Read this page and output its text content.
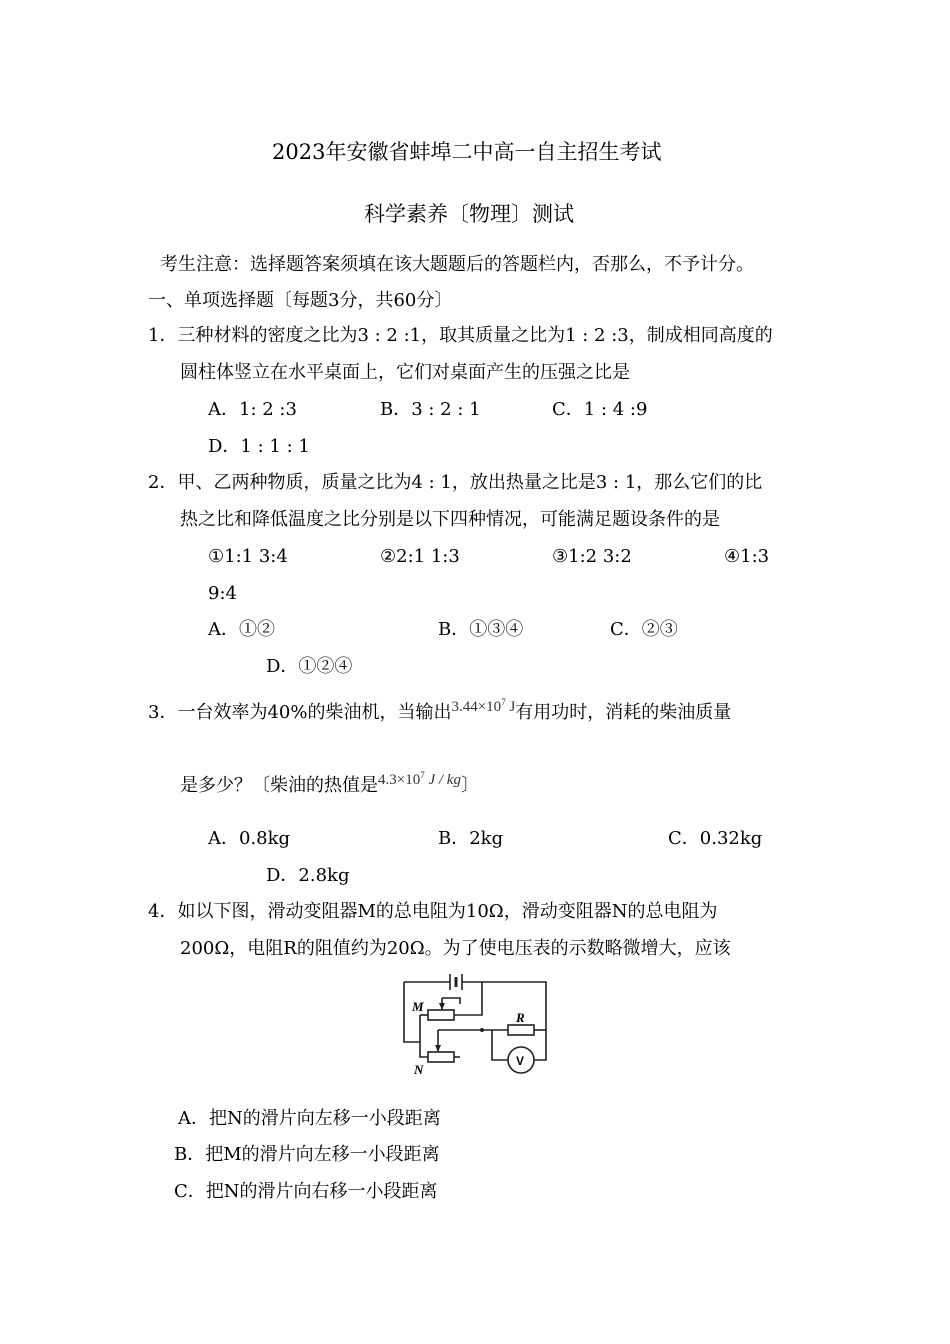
2023年安徽省蚌埠二中高一自主招生考试
科学素养〔物理〕测试
考生注意：选择题答案须填在该大题题后的答题栏内，否那么，不予计分。
一、单项选择题〔每题3分，共60分〕
1．三种材料的密度之比为3 : 2 :1，取其质量之比为1 : 2 :3，制成相同高度的
圆柱体竖立在水平桌面上，它们对桌面产生的压强之比是
A．1: 2 :3	B．3 : 2 : 1	C．1 : 4 :9
D．1 : 1 : 1
2．甲、乙两种物质，质量之比为4 : 1，放出热量之比是3 : 1，那么它们的比
热之比和降低温度之比分别是以下四种情况，可能满足题设条件的是
①1:1 3:4	②2:1 1:3	③1:2 3:2	④1:3
9:4
A．①②	B．①③④	C．②③
D．①②④
3．一台效率为40%的柴油机，当输出$^{3.44\times 10^7 J}$有用功时，消耗的柴油质量
是多少？〔柴油的热值是$^{4.3\times 10^7 J / kg}$〕
A．0.8kg	B．2kg	C．0.32kg
D．2.8kg
4．如以下图，滑动变阻器M的总电阻为10Ω，滑动变阻器N的总电阻为
200Ω，电阻R的阻值约为20Ω。为了使电压表的示数略微增大，应该
M
N
R
V
A．把N的滑片向左移一小段距离
B．把M的滑片向左移一小段距离
C．把N的滑片向右移一小段距离
